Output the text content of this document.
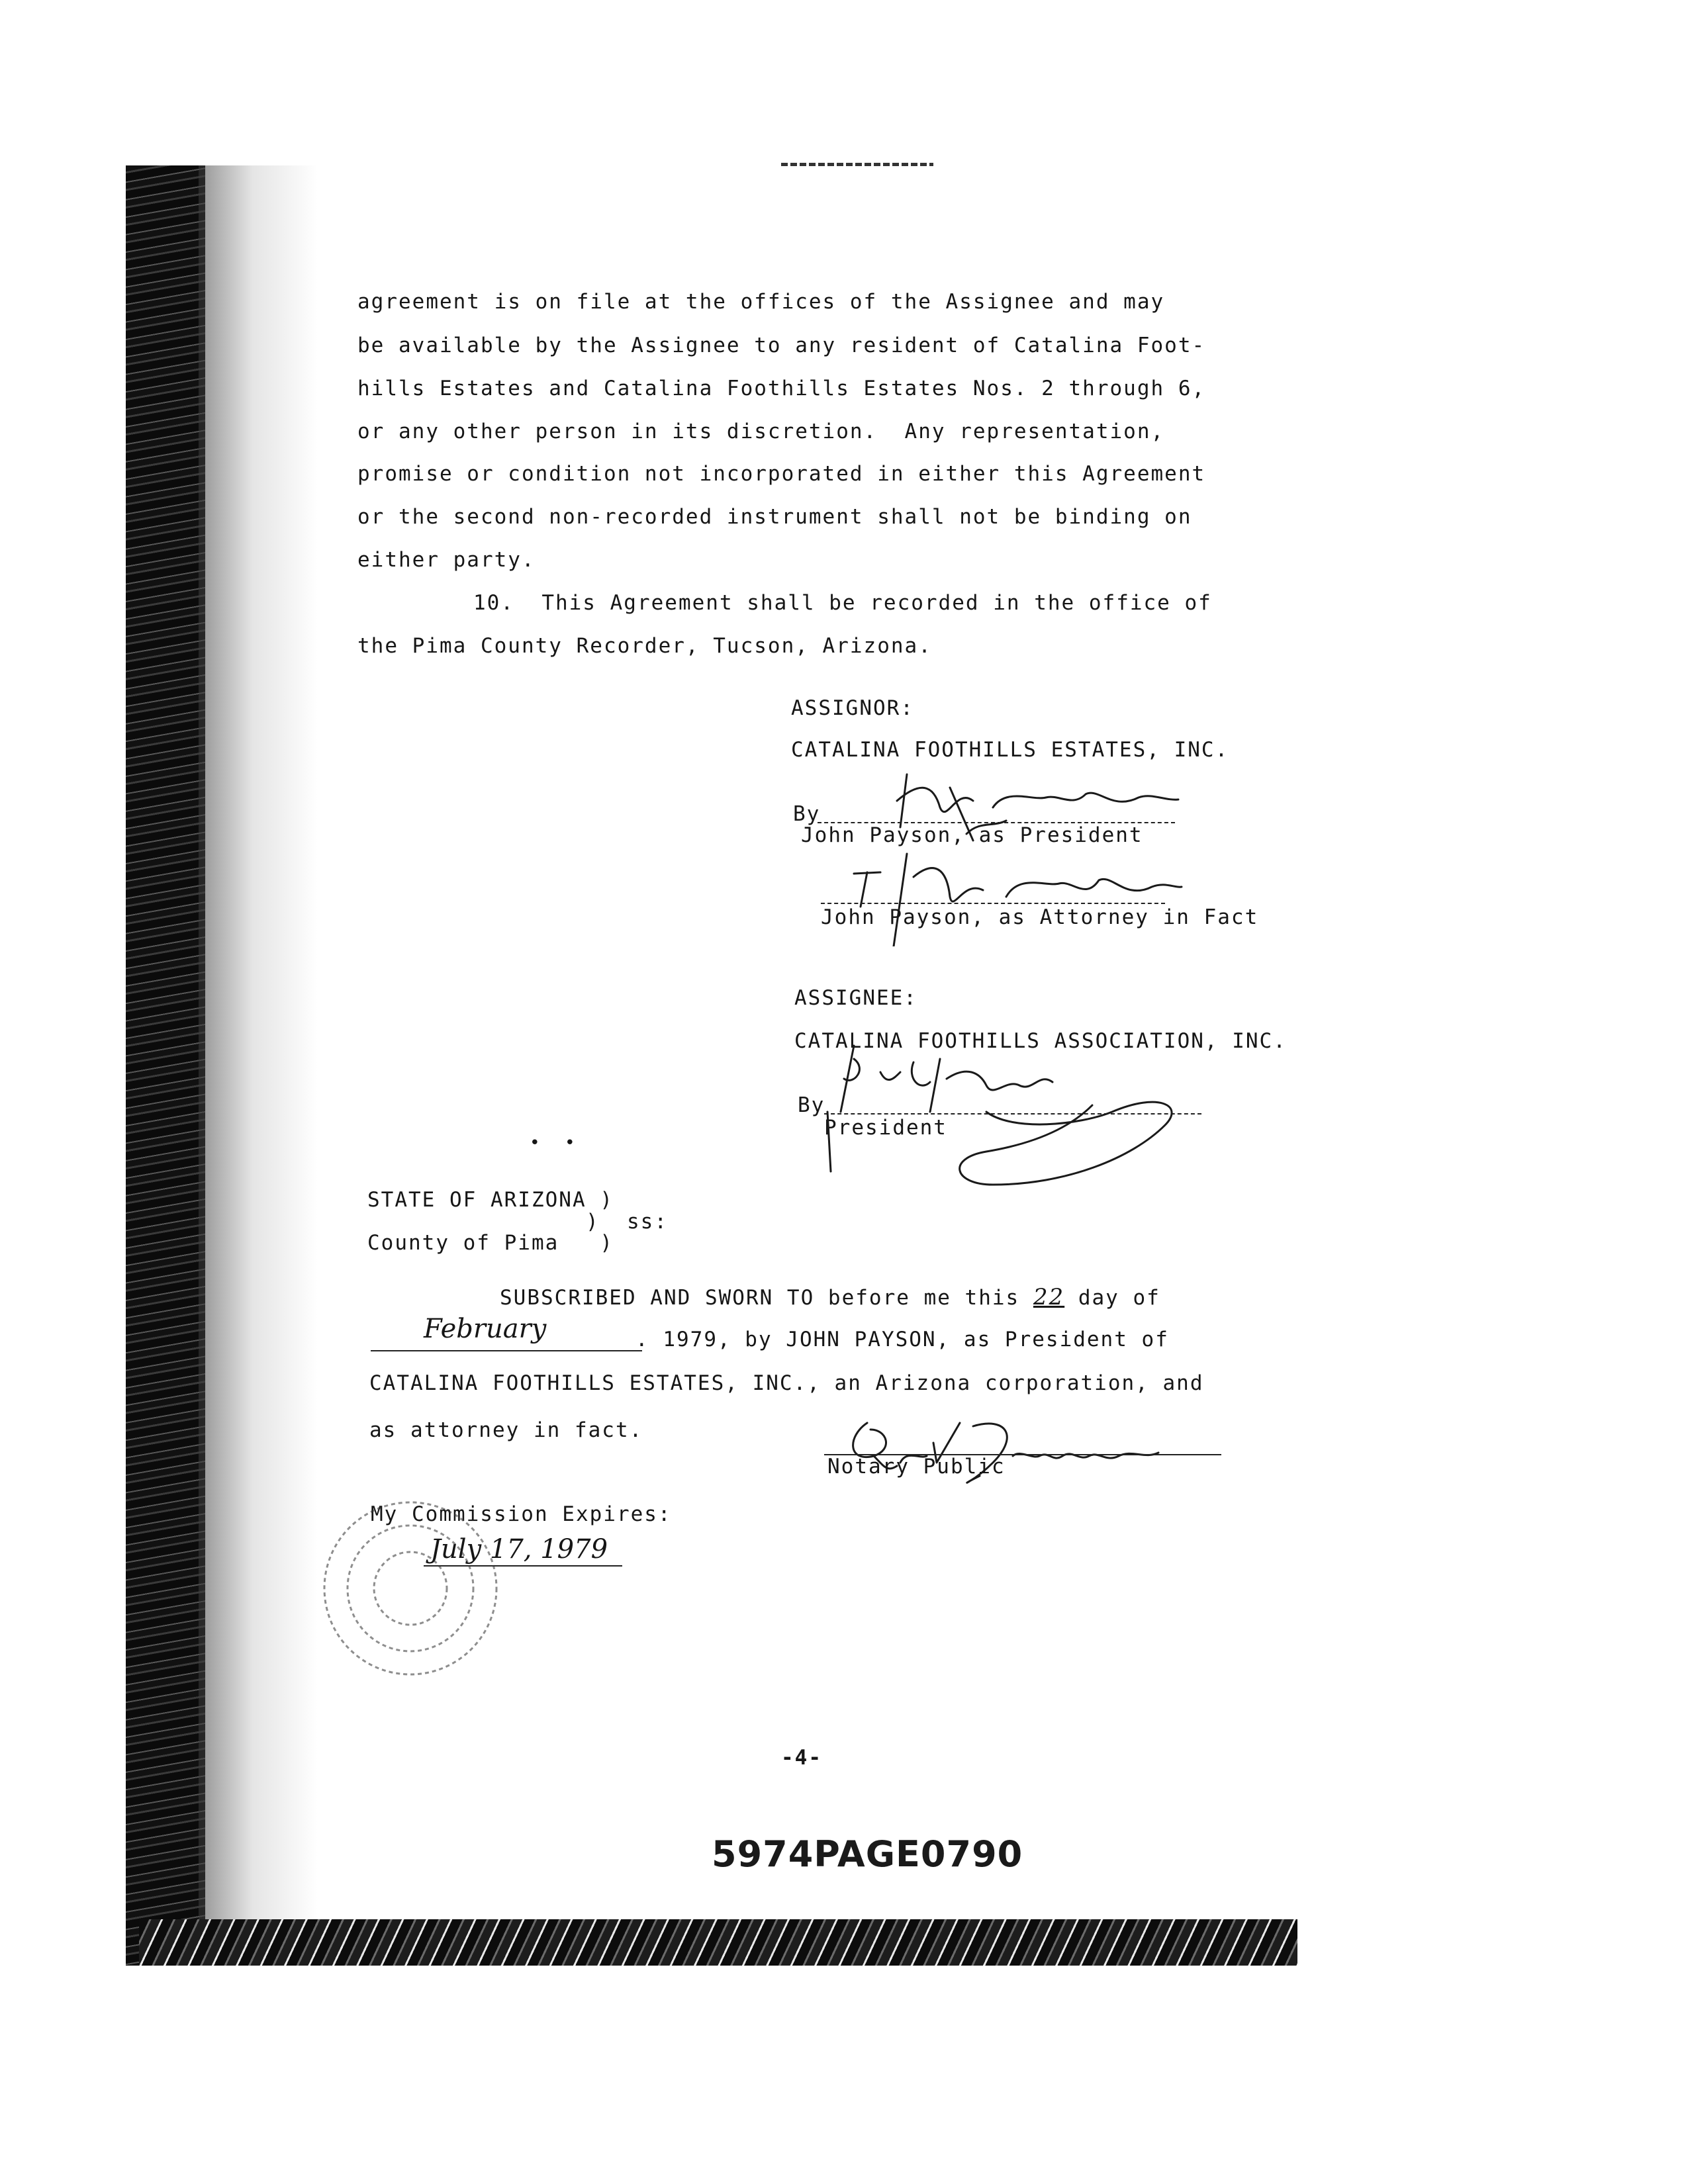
agreement is on file at the offices of the Assignee and may
be available by the Assignee to any resident of Catalina Foot-
hills Estates and Catalina Foothills Estates Nos. 2 through 6,
or any other person in its discretion.  Any representation,
promise or condition not incorporated in either this Agreement
or the second non-recorded instrument shall not be binding on
either party.
10.  This Agreement shall be recorded in the office of
the Pima County Recorder, Tucson, Arizona.
ASSIGNOR:
CATALINA FOOTHILLS ESTATES, INC.
By
John Payson, as President
John Payson, as Attorney in Fact
ASSIGNEE:
CATALINA FOOTHILLS ASSOCIATION, INC.
By
President
•  •
STATE OF ARIZONA )
)  ss:
County of Pima   )
SUBSCRIBED AND SWORN TO before me this 22 day of
February	. 1979, by JOHN PAYSON, as President of
CATALINA FOOTHILLS ESTATES, INC., an Arizona corporation, and
as attorney in fact.
Notary Public
My Commission Expires:
July 17, 1979
-4-
5974PAGE0790
